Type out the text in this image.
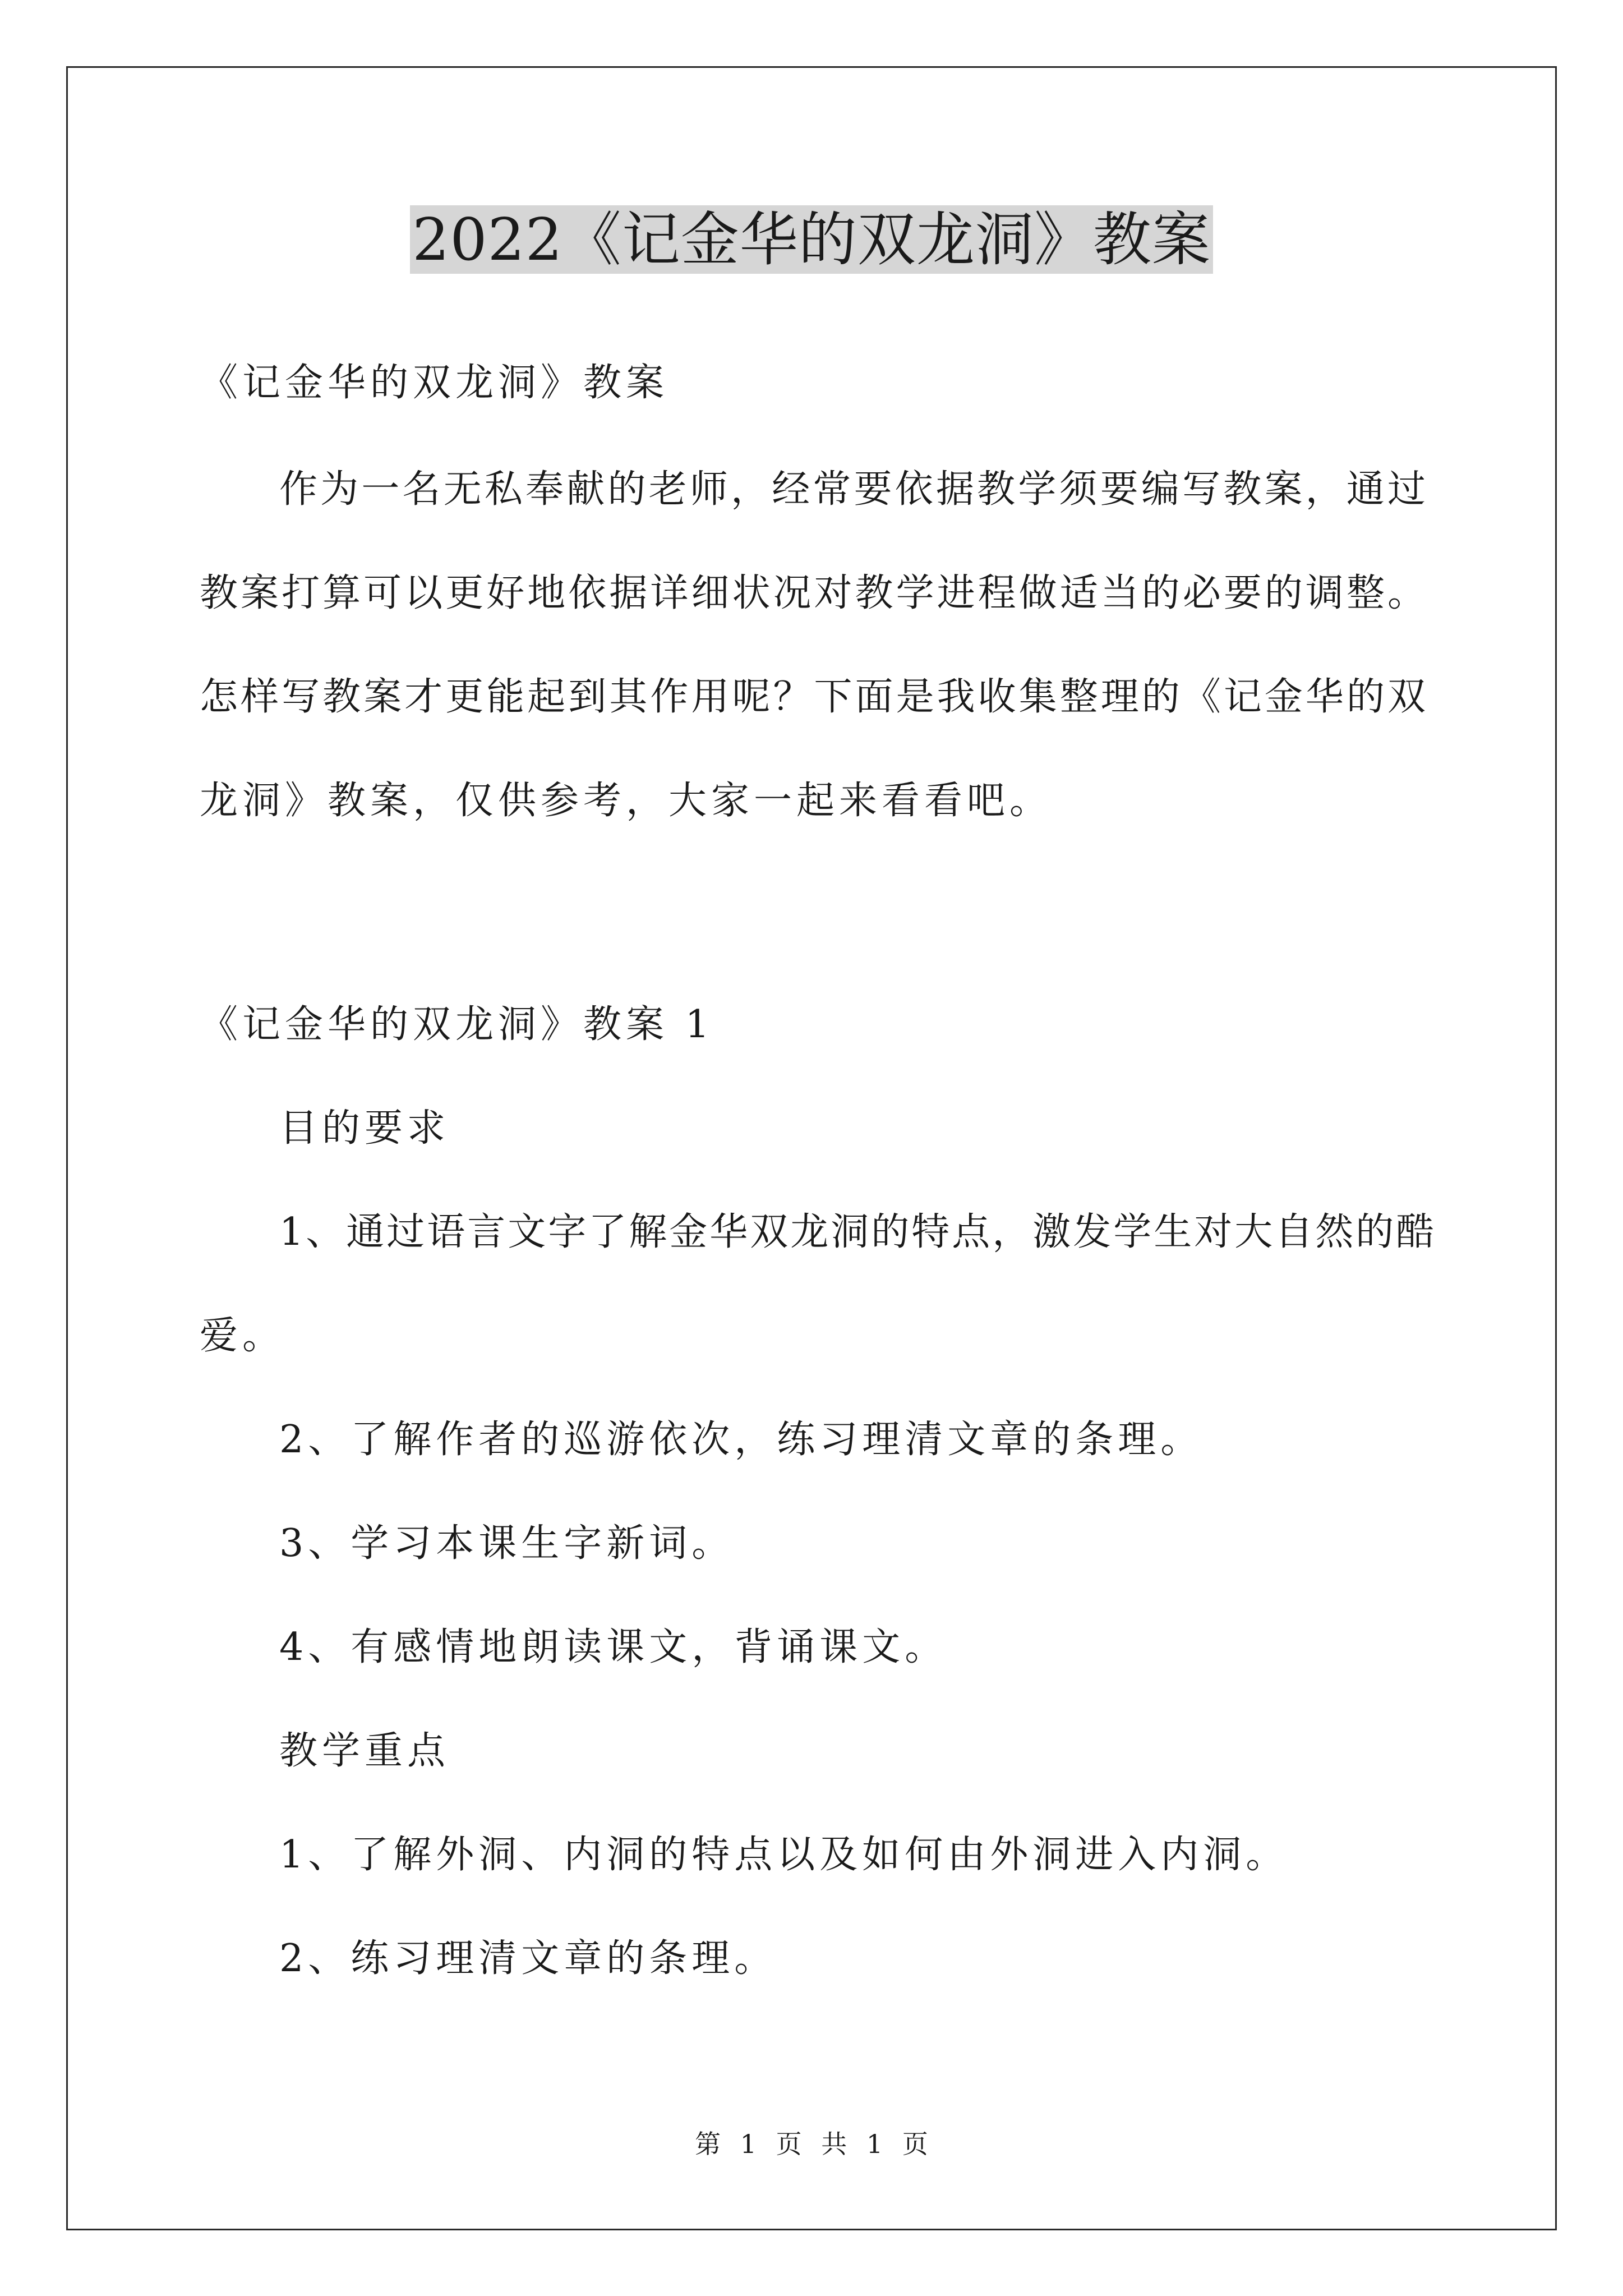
2022《记金华的双龙洞》教案
《记金华的双龙洞》教案
作为一名无私奉献的老师，经常要依据教学须要编写教案，通过
教案打算可以更好地依据详细状况对教学进程做适当的必要的调整。
怎样写教案才更能起到其作用呢？下面是我收集整理的《记金华的双
龙洞》教案，仅供参考，大家一起来看看吧。
《记金华的双龙洞》教案 1
目的要求
1、通过语言文字了解金华双龙洞的特点，激发学生对大自然的酷
爱。
2、了解作者的巡游依次，练习理清文章的条理。
3、学习本课生字新词。
4、有感情地朗读课文，背诵课文。
教学重点
1、了解外洞、内洞的特点以及如何由外洞进入内洞。
2、练习理清文章的条理。
第 1 页 共 1 页
